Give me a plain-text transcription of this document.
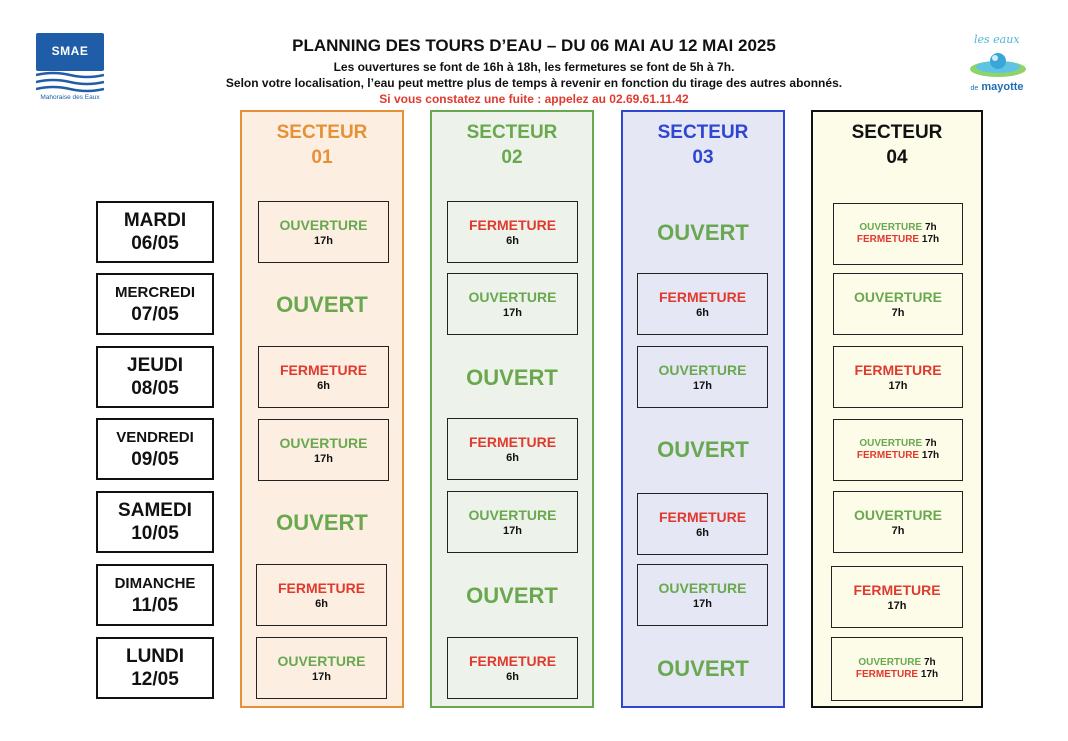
SMAE
Mahoraise des Eaux
les eaux
de mayotte
PLANNING DES TOURS D’EAU – DU 06 MAI AU 12 MAI 2025
Les ouvertures se font de 16h à 18h, les fermetures se font de 5h à 7h.
Selon votre localisation, l’eau peut mettre plus de temps à revenir en fonction du tirage des autres abonnés.
Si vous constatez une fuite : appelez au 02.69.61.11.42
SECTEUR
01
SECTEUR
02
SECTEUR
03
SECTEUR
04
MARDI
06/05
MERCREDI
07/05
JEUDI
08/05
VENDREDI
09/05
SAMEDI
10/05
DIMANCHE
11/05
LUNDI
12/05
OUVERTURE
17h
OUVERT
FERMETURE
6h
OUVERTURE
17h
OUVERT
FERMETURE
6h
OUVERTURE
17h
FERMETURE
6h
OUVERTURE
17h
OUVERT
FERMETURE
6h
OUVERTURE
17h
OUVERT
FERMETURE
6h
OUVERT
FERMETURE
6h
OUVERTURE
17h
OUVERT
FERMETURE
6h
OUVERTURE
17h
OUVERT
OUVERTURE 7h
FERMETURE 17h
OUVERTURE
7h
FERMETURE
17h
OUVERTURE 7h
FERMETURE 17h
OUVERTURE
7h
FERMETURE
17h
OUVERTURE 7h
FERMETURE 17h
